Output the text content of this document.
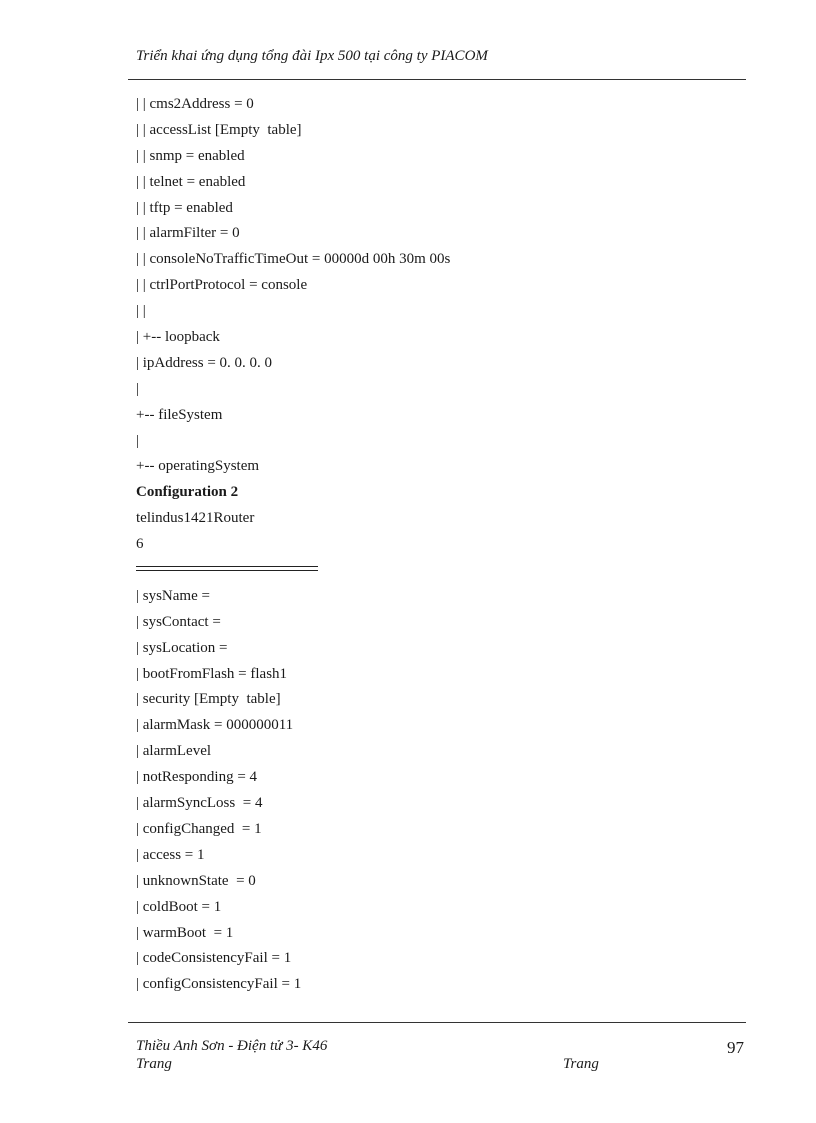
Triển khai ứng dụng tổng đài Ipx 500 tại công ty PIACOM
| | cms2Address = 0
| | accessList [Empty  table]
| | snmp = enabled
| | telnet = enabled
| | tftp = enabled
| | alarmFilter = 0
| | consoleNoTrafficTimeOut = 00000d 00h 30m 00s
| | ctrlPortProtocol = console
| |
| +-- loopback
| ipAddress = 0. 0. 0. 0
|
+-- fileSystem
|
+-- operatingSystem
Configuration 2
telindus1421Router
6
| sysName =
| sysContact =
| sysLocation =
| bootFromFlash = flash1
| security [Empty  table]
| alarmMask = 000000011
| alarmLevel
| notResponding = 4
| alarmSyncLoss  = 4
| configChanged  = 1
| access = 1
| unknownState  = 0
| coldBoot = 1
| warmBoot  = 1
| codeConsistencyFail = 1
| configConsistencyFail = 1
Thiều Anh Sơn - Điện tử 3- K46	97
Trang	Trang
